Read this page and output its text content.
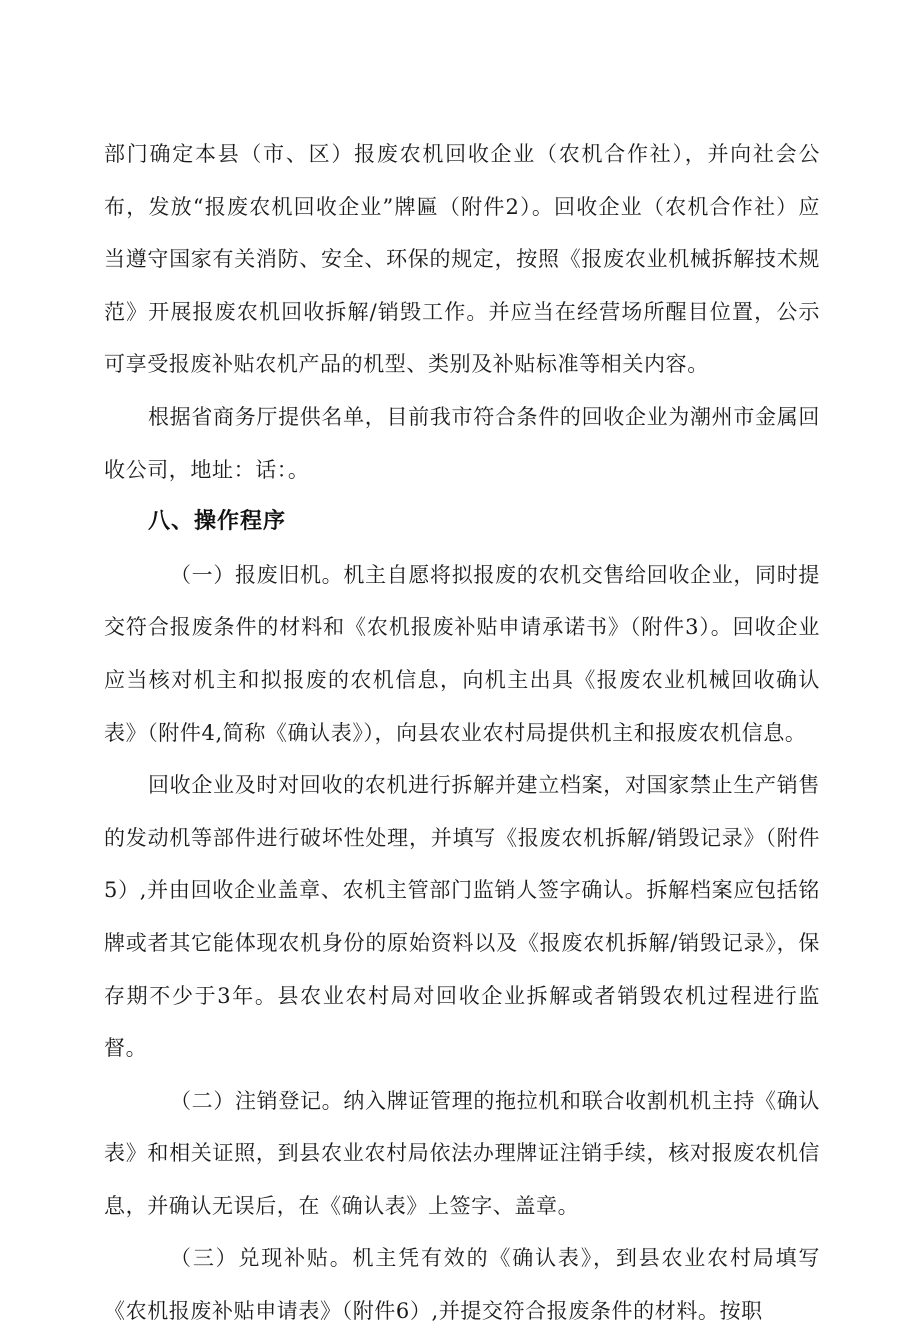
部门确定本县（市、区）报废农机回收企业（农机合作社），并向社会公布，发放“报废农机回收企业”牌匾（附件2）。回收企业（农机合作社）应当遵守国家有关消防、安全、环保的规定，按照《报废农业机械拆解技术规范》开展报废农机回收拆解/销毁工作。并应当在经营场所醒目位置，公示可享受报废补贴农机产品的机型、类别及补贴标准等相关内容。

根据省商务厅提供名单，目前我市符合条件的回收企业为潮州市金属回收公司，地址：话：。

八、操作程序

（一）报废旧机。机主自愿将拟报废的农机交售给回收企业，同时提交符合报废条件的材料和《农机报废补贴申请承诺书》（附件3）。回收企业应当核对机主和拟报废的农机信息，向机主出具《报废农业机械回收确认表》（附件4,简称《确认表》），向县农业农村局提供机主和报废农机信息。

回收企业及时对回收的农机进行拆解并建立档案，对国家禁止生产销售的发动机等部件进行破坏性处理，并填写《报废农机拆解/销毁记录》（附件5）,并由回收企业盖章、农机主管部门监销人签字确认。拆解档案应包括铭牌或者其它能体现农机身份的原始资料以及《报废农机拆解/销毁记录》，保存期不少于3年。县农业农村局对回收企业拆解或者销毁农机过程进行监督。

（二）注销登记。纳入牌证管理的拖拉机和联合收割机机主持《确认表》和相关证照，到县农业农村局依法办理牌证注销手续，核对报废农机信息，并确认无误后，在《确认表》上签字、盖章。

（三）兑现补贴。机主凭有效的《确认表》，到县农业农村局填写《农机报废补贴申请表》（附件6）,并提交符合报废条件的材料。按职
